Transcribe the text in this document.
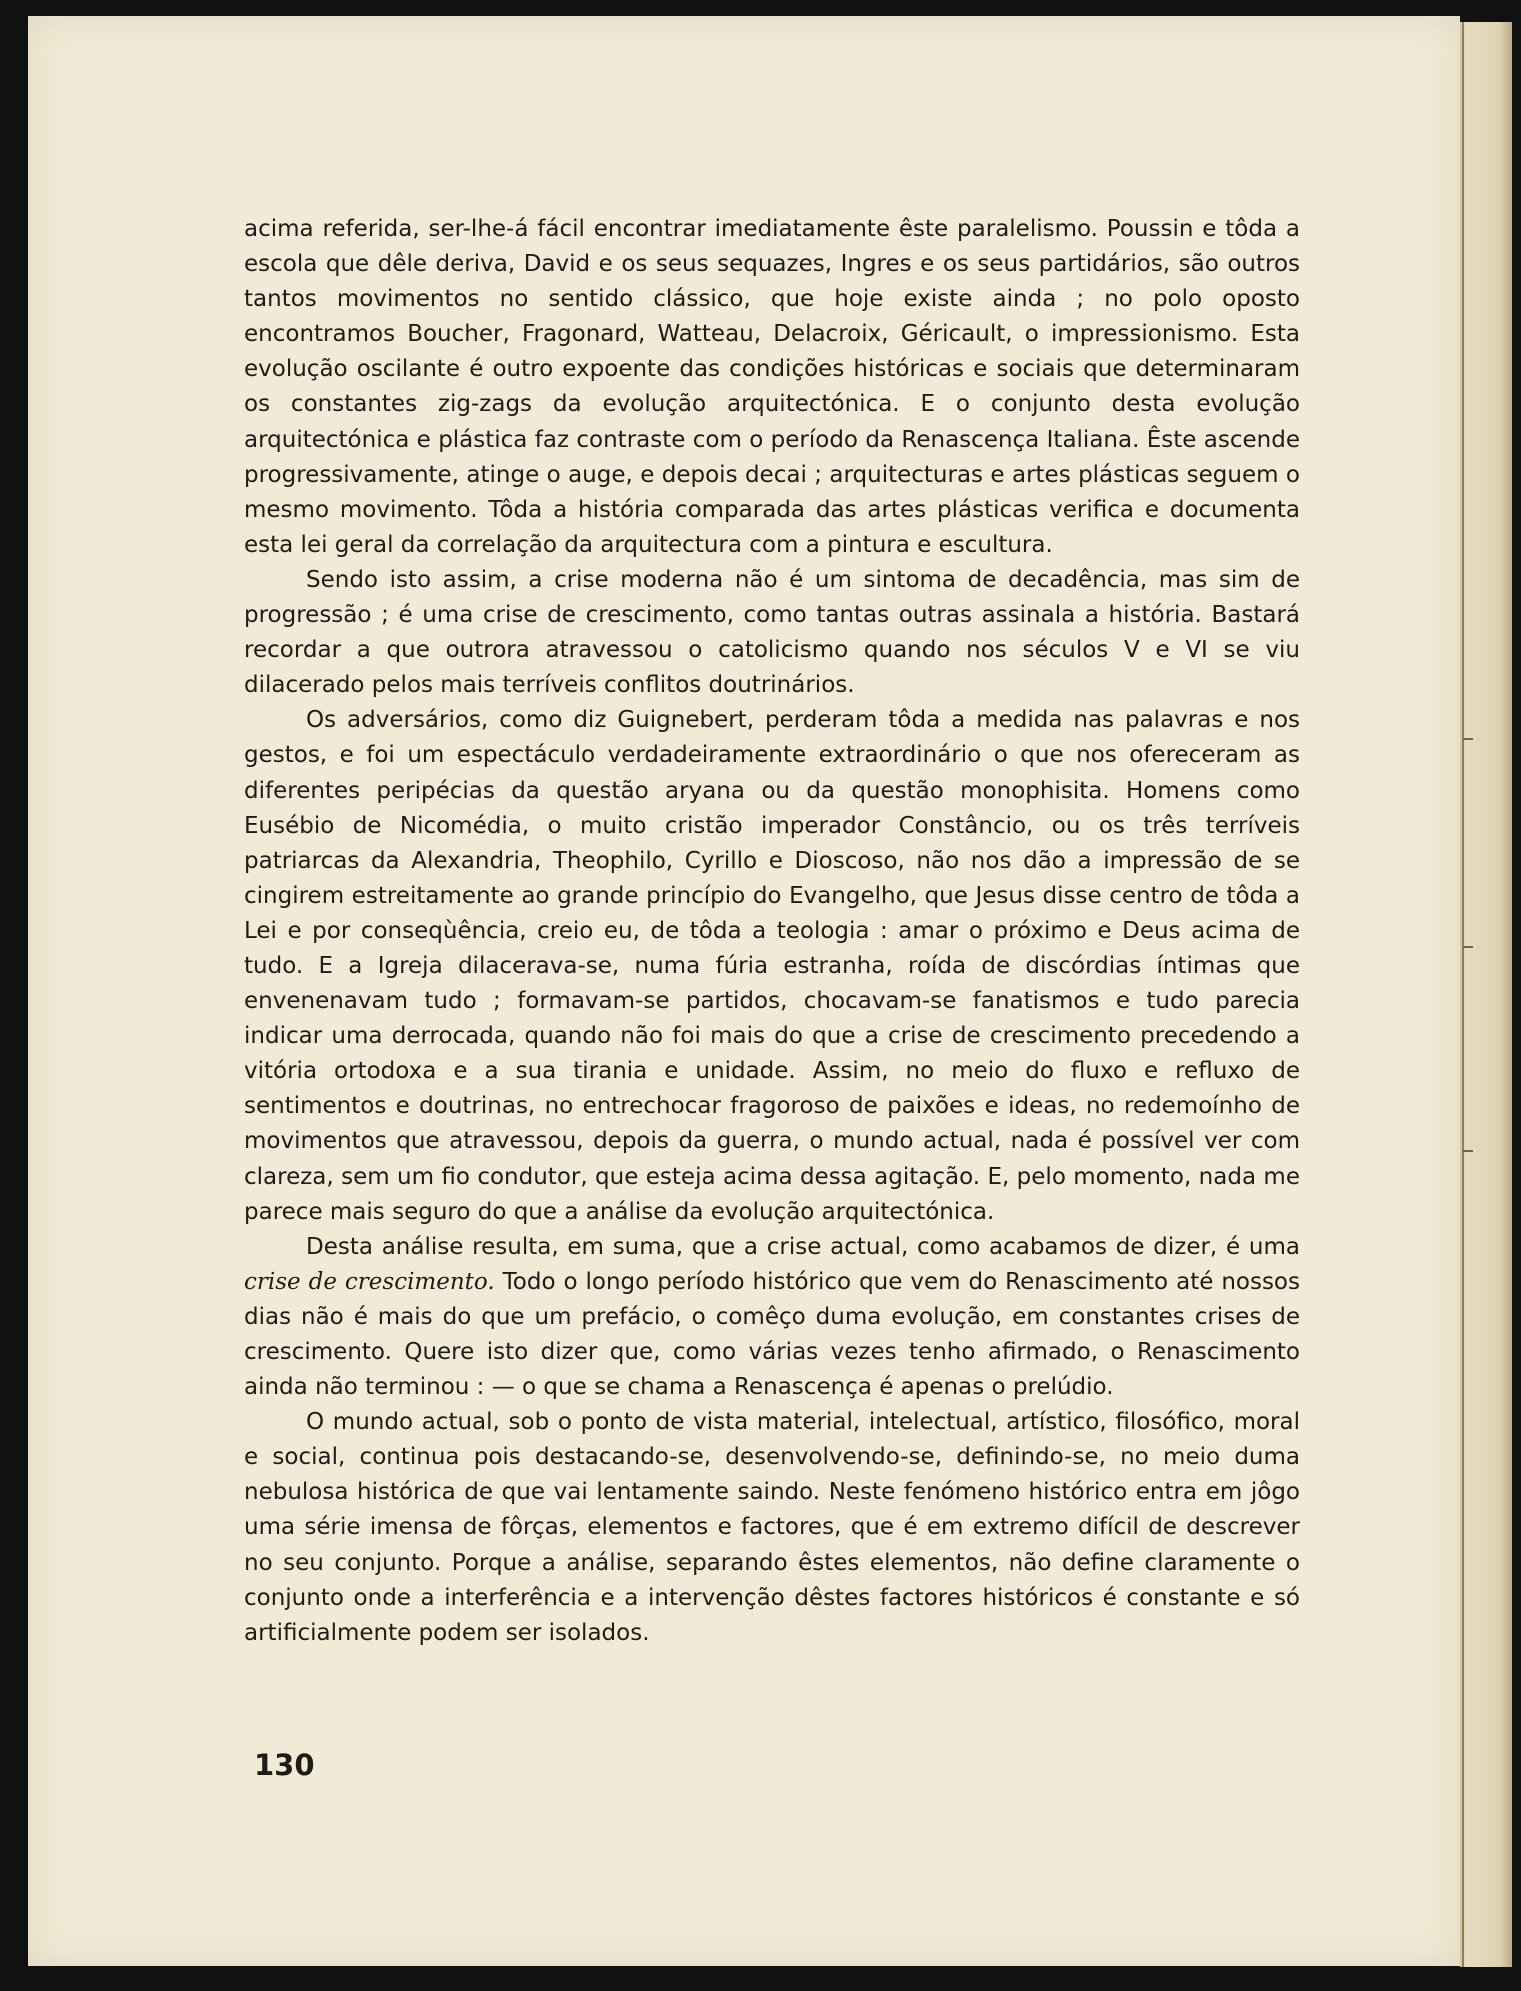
acima referida, ser-lhe-á fácil encontrar imediatamente êste paralelismo. Poussin e tôda a escola que dêle deriva, David e os seus sequazes, Ingres e os seus partidários, são outros tantos movimentos no sentido clássico, que hoje existe ainda ; no polo oposto encontramos Boucher, Fragonard, Watteau, Delacroix, Géricault, o impressionismo. Esta evolução oscilante é outro expoente das condições históricas e sociais que determinaram os constantes zig-zags da evolução arquitectónica. E o conjunto desta evolução arquitectónica e plástica faz contraste com o período da Renascença Italiana. Êste ascende progressivamente, atinge o auge, e depois decai ; arquitecturas e artes plásticas seguem o mesmo movimento. Tôda a história comparada das artes plásticas verifica e documenta esta lei geral da correlação da arquitectura com a pintura e escultura.

Sendo isto assim, a crise moderna não é um sintoma de decadência, mas sim de progressão ; é uma crise de crescimento, como tantas outras assinala a história. Bastará recordar a que outrora atravessou o catolicismo quando nos séculos V e VI se viu dilacerado pelos mais terríveis conflitos doutrinários.

Os adversários, como diz Guignebert, perderam tôda a medida nas palavras e nos gestos, e foi um espectáculo verdadeiramente extraordinário o que nos ofereceram as diferentes peripécias da questão aryana ou da questão monophisita. Homens como Eusébio de Nicomédia, o muito cristão imperador Constâncio, ou os três terríveis patriarcas da Alexandria, Theophilo, Cyrillo e Dioscoso, não nos dão a impressão de se cingirem estreitamente ao grande princípio do Evangelho, que Jesus disse centro de tôda a Lei e por conseqùência, creio eu, de tôda a teologia : amar o próximo e Deus acima de tudo. E a Igreja dilacerava-se, numa fúria estranha, roída de discórdias íntimas que envenenavam tudo ; formavam-se partidos, chocavam-se fanatismos e tudo parecia indicar uma derrocada, quando não foi mais do que a crise de crescimento precedendo a vitória ortodoxa e a sua tirania e unidade. Assim, no meio do fluxo e refluxo de sentimentos e doutrinas, no entrechocar fragoroso de paixões e ideas, no redemoínho de movimentos que atravessou, depois da guerra, o mundo actual, nada é possível ver com clareza, sem um fio condutor, que esteja acima dessa agitação. E, pelo momento, nada me parece mais seguro do que a análise da evolução arquitectónica.

Desta análise resulta, em suma, que a crise actual, como acabamos de dizer, é uma crise de crescimento. Todo o longo período histórico que vem do Renascimento até nossos dias não é mais do que um prefácio, o comêço duma evolução, em constantes crises de crescimento. Quere isto dizer que, como várias vezes tenho afirmado, o Renascimento ainda não terminou : — o que se chama a Renascença é apenas o prelúdio.

O mundo actual, sob o ponto de vista material, intelectual, artístico, filosófico, moral e social, continua pois destacando-se, desenvolvendo-se, definindo-se, no meio duma nebulosa histórica de que vai lentamente saindo. Neste fenómeno histórico entra em jôgo uma série imensa de fôrças, elementos e factores, que é em extremo difícil de descrever no seu conjunto. Porque a análise, separando êstes elementos, não define claramente o conjunto onde a interferência e a intervenção dêstes factores históricos é constante e só artificialmente podem ser isolados.

130
